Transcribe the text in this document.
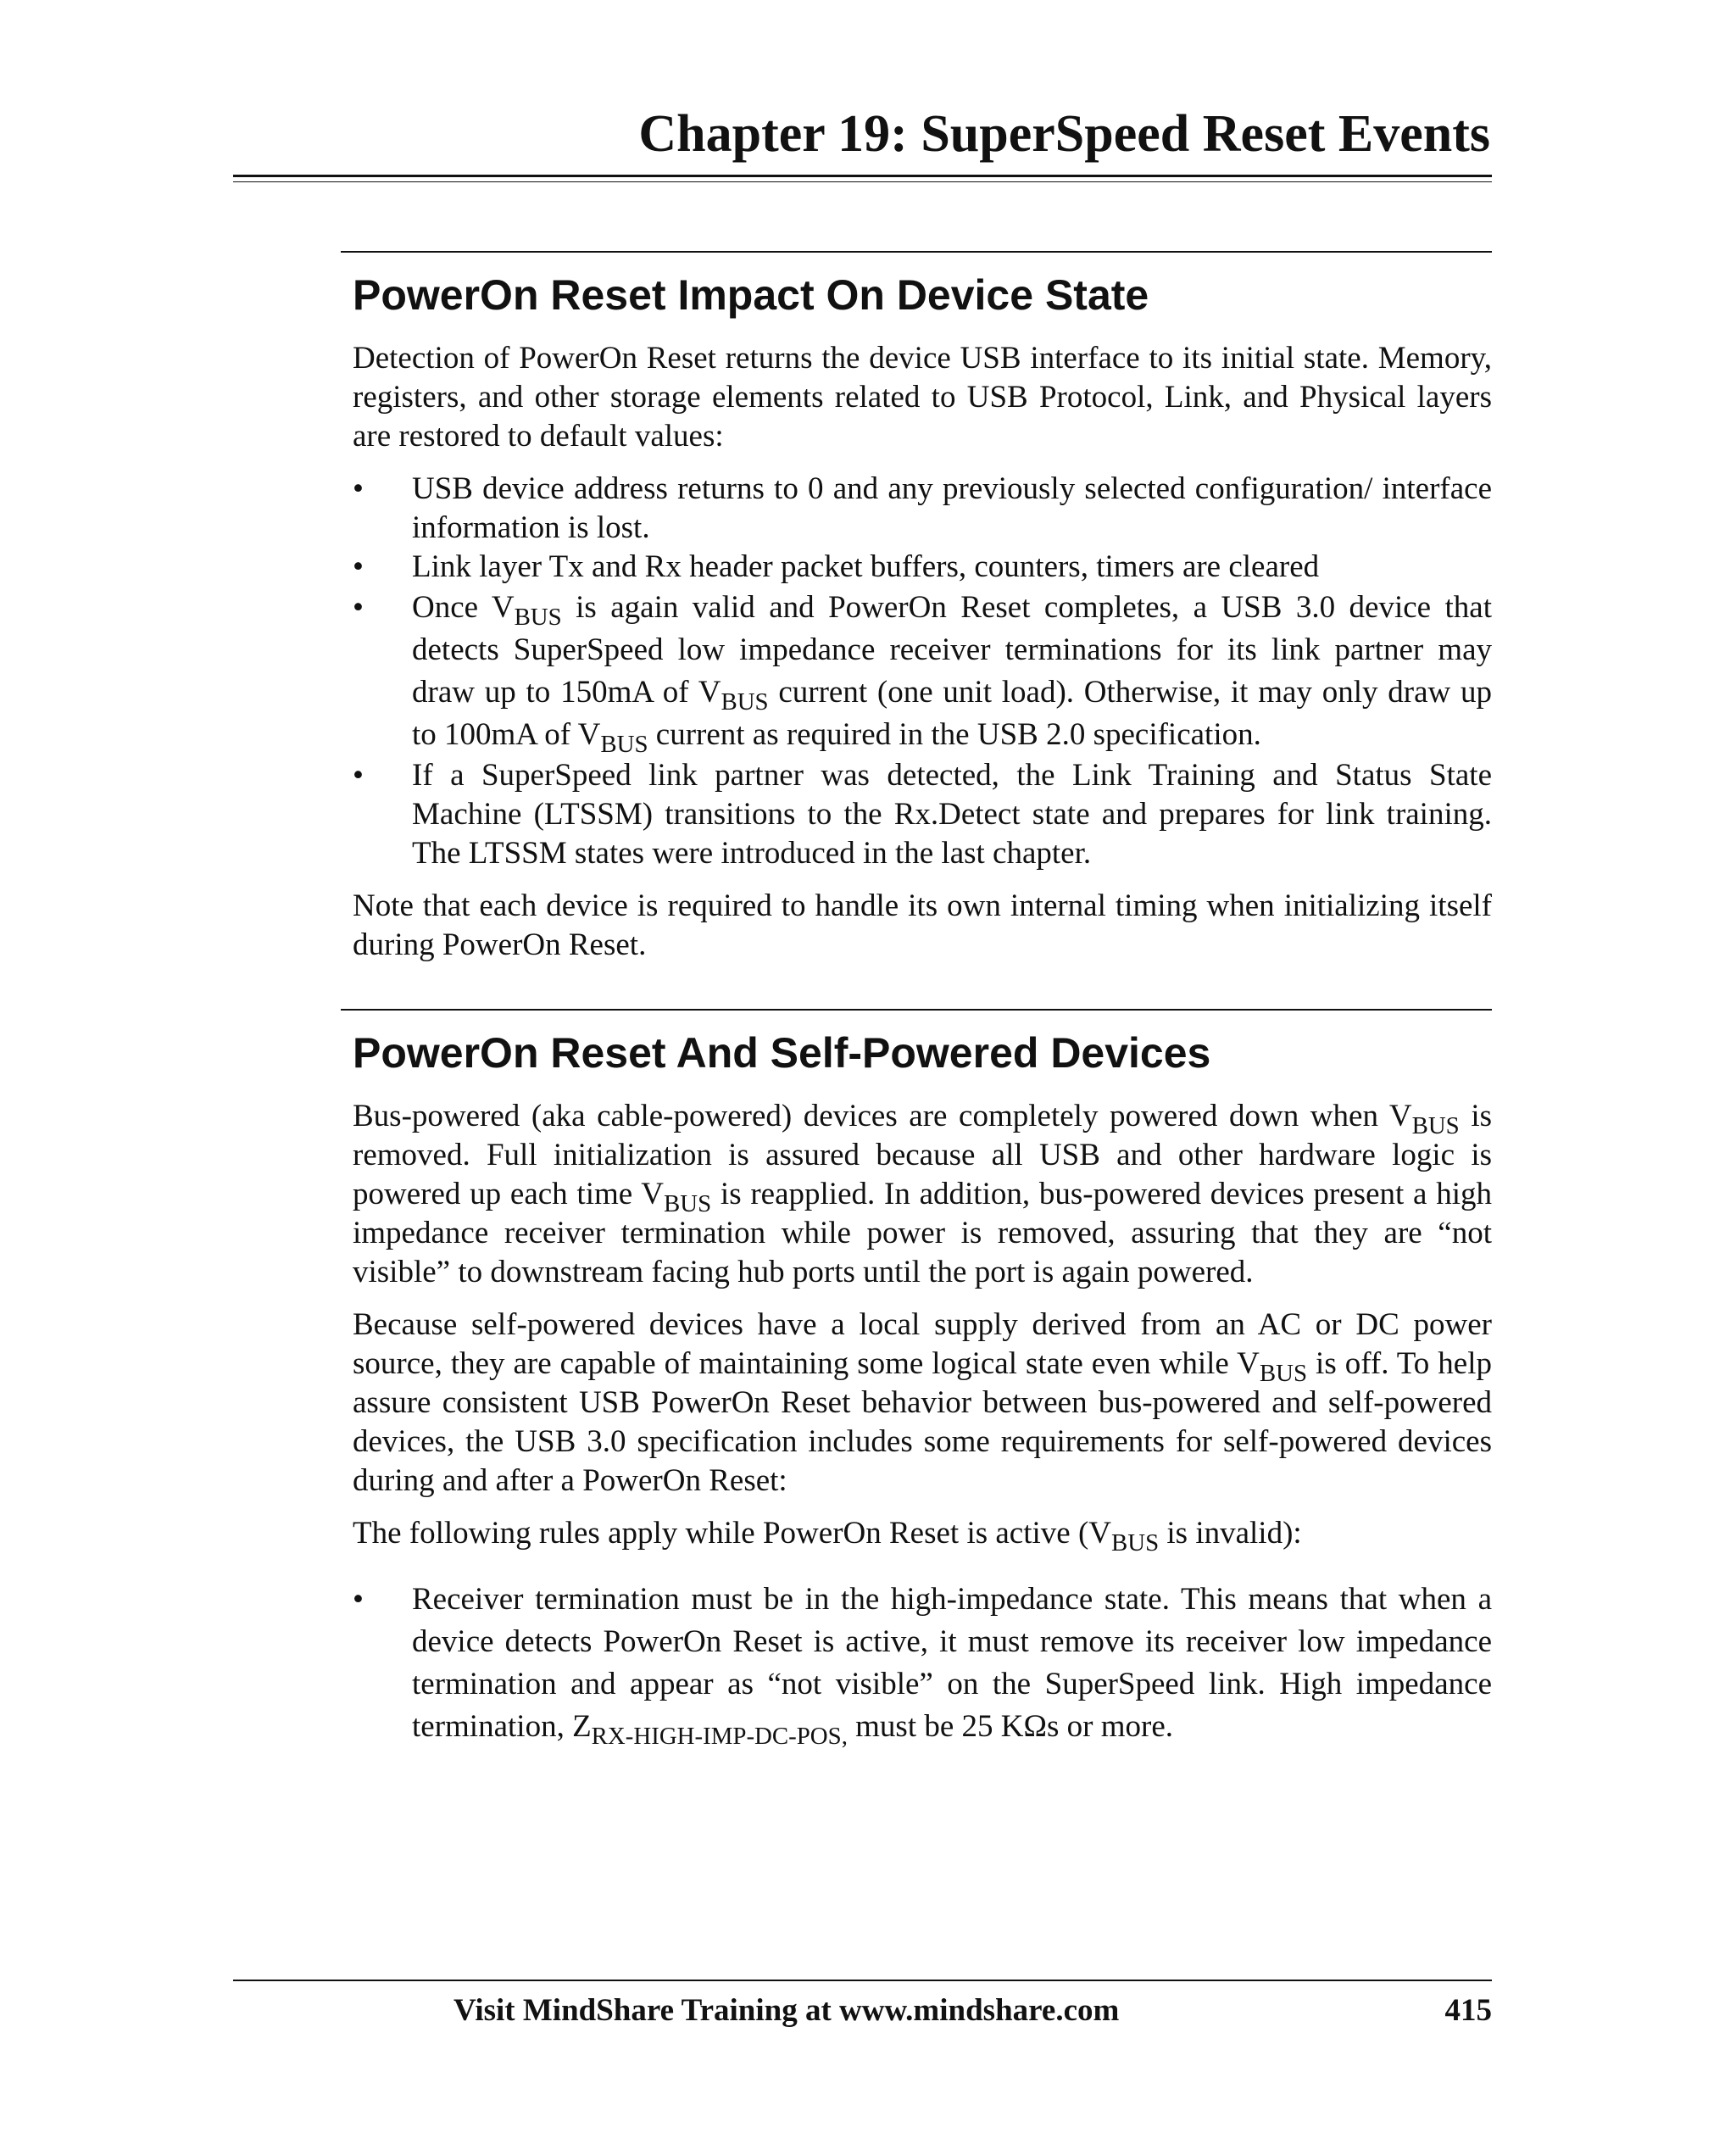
Chapter 19: SuperSpeed Reset Events
PowerOn Reset Impact On Device State

Detection of PowerOn Reset returns the device USB interface to its initial state. Memory, registers, and other storage elements related to USB Protocol, Link, and Physical layers are restored to default values:

• USB device address returns to 0 and any previously selected configuration/ interface information is lost.
• Link layer Tx and Rx header packet buffers, counters, timers are cleared
• Once $V_{BUS}$ is again valid and PowerOn Reset completes, a USB 3.0 device that detects SuperSpeed low impedance receiver terminations for its link partner may draw up to 150mA of $V_{BUS}$ current (one unit load). Otherwise, it may only draw up to 100mA of $V_{BUS}$ current as required in the USB 2.0 specification.
• If a SuperSpeed link partner was detected, the Link Training and Status State Machine (LTSSM) transitions to the Rx.Detect state and prepares for link training. The LTSSM states were introduced in the last chapter.

Note that each device is required to handle its own internal timing when initializing itself during PowerOn Reset.

PowerOn Reset And Self-Powered Devices

Bus-powered (aka cable-powered) devices are completely powered down when $V_{BUS}$ is removed. Full initialization is assured because all USB and other hardware logic is powered up each time $V_{BUS}$ is reapplied. In addition, bus-powered devices present a high impedance receiver termination while power is removed, assuring that they are “not visible” to downstream facing hub ports until the port is again powered.

Because self-powered devices have a local supply derived from an AC or DC power source, they are capable of maintaining some logical state even while $V_{BUS}$ is off. To help assure consistent USB PowerOn Reset behavior between bus-powered and self-powered devices, the USB 3.0 specification includes some requirements for self-powered devices during and after a PowerOn Reset:

The following rules apply while PowerOn Reset is active ($V_{BUS}$ is invalid):

• Receiver termination must be in the high-impedance state. This means that when a device detects PowerOn Reset is active, it must remove its receiver low impedance termination and appear as “not visible” on the SuperSpeed link. High impedance termination, $Z_{RX-HIGH-IMP-DC-POS,}$ must be 25 KΩs or more.
Visit MindShare Training at www.mindshare.com	415
